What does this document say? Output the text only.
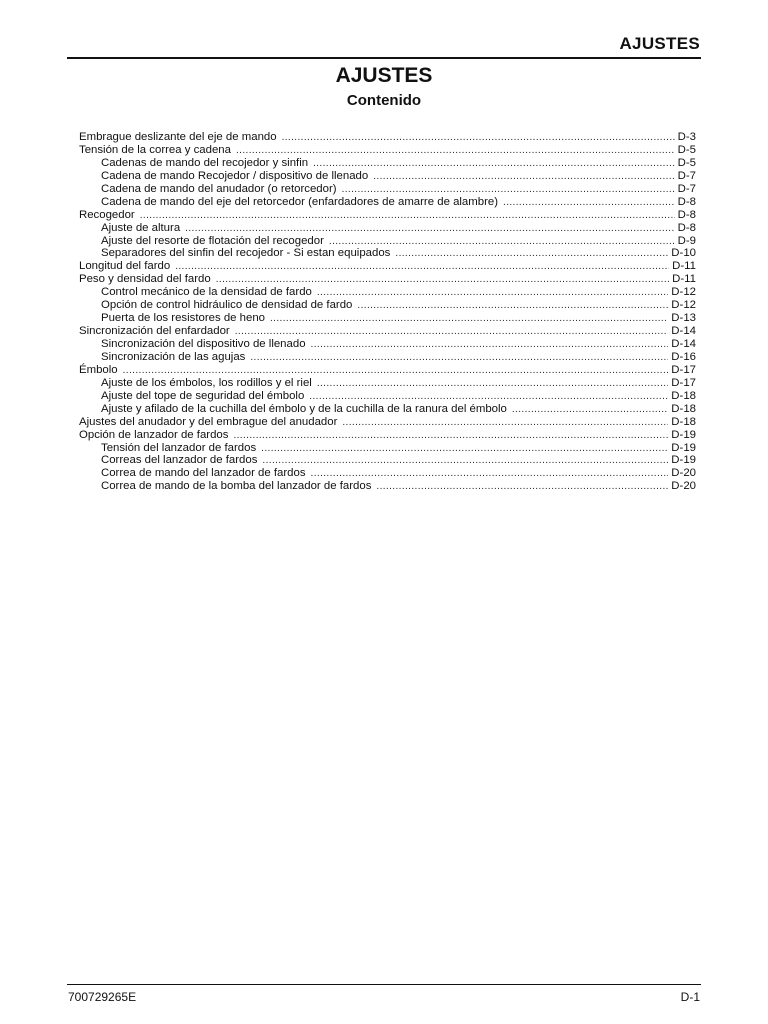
AJUSTES
AJUSTES
Contenido
Embrague deslizante del eje de mando .....	D-3
Tensión de la correa y cadena .....	D-5
Cadenas de mando del recojedor y sinfin .....	D-5
Cadena de mando Recojedor / dispositivo de llenado .....	D-7
Cadena de mando del anudador (o retorcedor) .....	D-7
Cadena de mando del eje del retorcedor (enfardadores de amarre de alambre) .....	D-8
Recogedor .....	D-8
Ajuste de altura .....	D-8
Ajuste del resorte de flotación del recogedor .....	D-9
Separadores del sinfin del recojedor - Si estan equipados .....	D-10
Longitud del fardo .....	D-11
Peso y densidad del fardo .....	D-11
Control mecánico de la densidad de fardo .....	D-12
Opción de control hidráulico de densidad de fardo .....	D-12
Puerta de los resistores de heno .....	D-13
Sincronización del enfardador .....	D-14
Sincronización del dispositivo de llenado .....	D-14
Sincronización de las agujas .....	D-16
Émbolo .....	D-17
Ajuste de los émbolos, los rodillos y el riel .....	D-17
Ajuste del tope de seguridad del émbolo .....	D-18
Ajuste y afilado de la cuchilla del émbolo y de la cuchilla de la ranura del émbolo .....	D-18
Ajustes del anudador y del embrague del anudador .....	D-18
Opción de lanzador de fardos .....	D-19
Tensión del lanzador de fardos .....	D-19
Correas del lanzador de fardos .....	D-19
Correa de mando del lanzador de fardos .....	D-20
Correa de mando de la bomba del lanzador de fardos .....	D-20
700729265E	D-1
